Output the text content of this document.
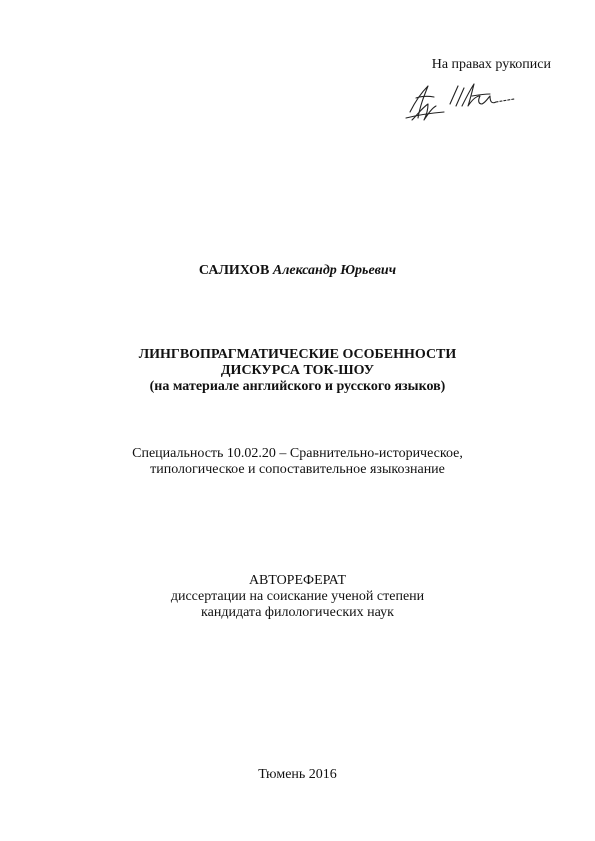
На правах рукописи
САЛИХОВ Александр Юрьевич
ЛИНГВОПРАГМАТИЧЕСКИЕ ОСОБЕННОСТИ
ДИСКУРСА ТОК-ШОУ
(на материале английского и русского языков)
Специальность 10.02.20 – Сравнительно-историческое,
типологическое и сопоставительное языкознание
АВТОРЕФЕРАТ
диссертации на соискание ученой степени
кандидата филологических наук
Тюмень 2016
